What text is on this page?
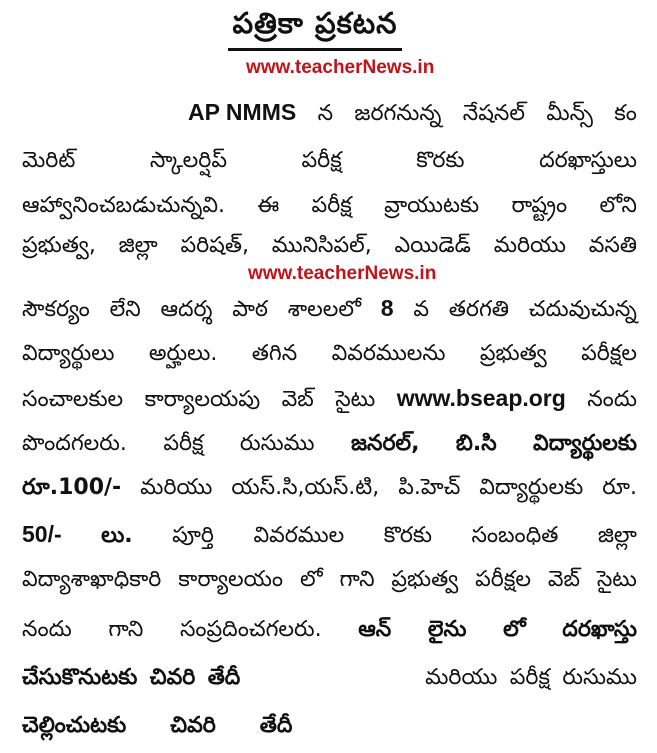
పత్రికా ప్రకటన
www.teacherNews.in
AP NMMS న జరగనున్న నేషనల్ మీన్స్ కం
మెరిట్	స్కాలర్షిప్	పరీక్ష	కొరకు	దరఖాస్తులు
ఆహ్వానించబడుచున్నవి. ఈ పరీక్ష వ్రాయుటకు రాష్ట్రం లోని
ప్రభుత్వ, జిల్లా పరిషత్, మునిసిపల్, ఎయిడెడ్ మరియు వసతి
www.teacherNews.in
సౌకర్యం లేని ఆదర్శ పాఠ శాలలలో 8 వ తరగతి చదువుచున్న
విద్యార్థులు అర్హులు. తగిన వివరములను ప్రభుత్వ పరీక్షల
సంచాలకుల కార్యాలయపు వెబ్ సైటు www.bseap.org నందు
పొందగలరు. పరీక్ష రుసుము జనరల్, బి.సి విద్యార్థులకు
రూ.100/- మరియు యస్.సి,యస్.టి, పి.హెచ్ విద్యార్థులకు రూ.
50/- లు. పూర్తి వివరముల కొరకు సంబంధిత జిల్లా
విద్యాశాఖాధికారి కార్యాలయం లో గాని ప్రభుత్వ పరీక్షల వెబ్ సైటు
నందు గాని సంప్రదించగలరు. ఆన్ లైను లో దరఖాస్తు
చేసుకొనుటకు చివరి తేదీ	మరియు పరీక్ష రుసుము
చెల్లించుటకు చివరి తేదీ
